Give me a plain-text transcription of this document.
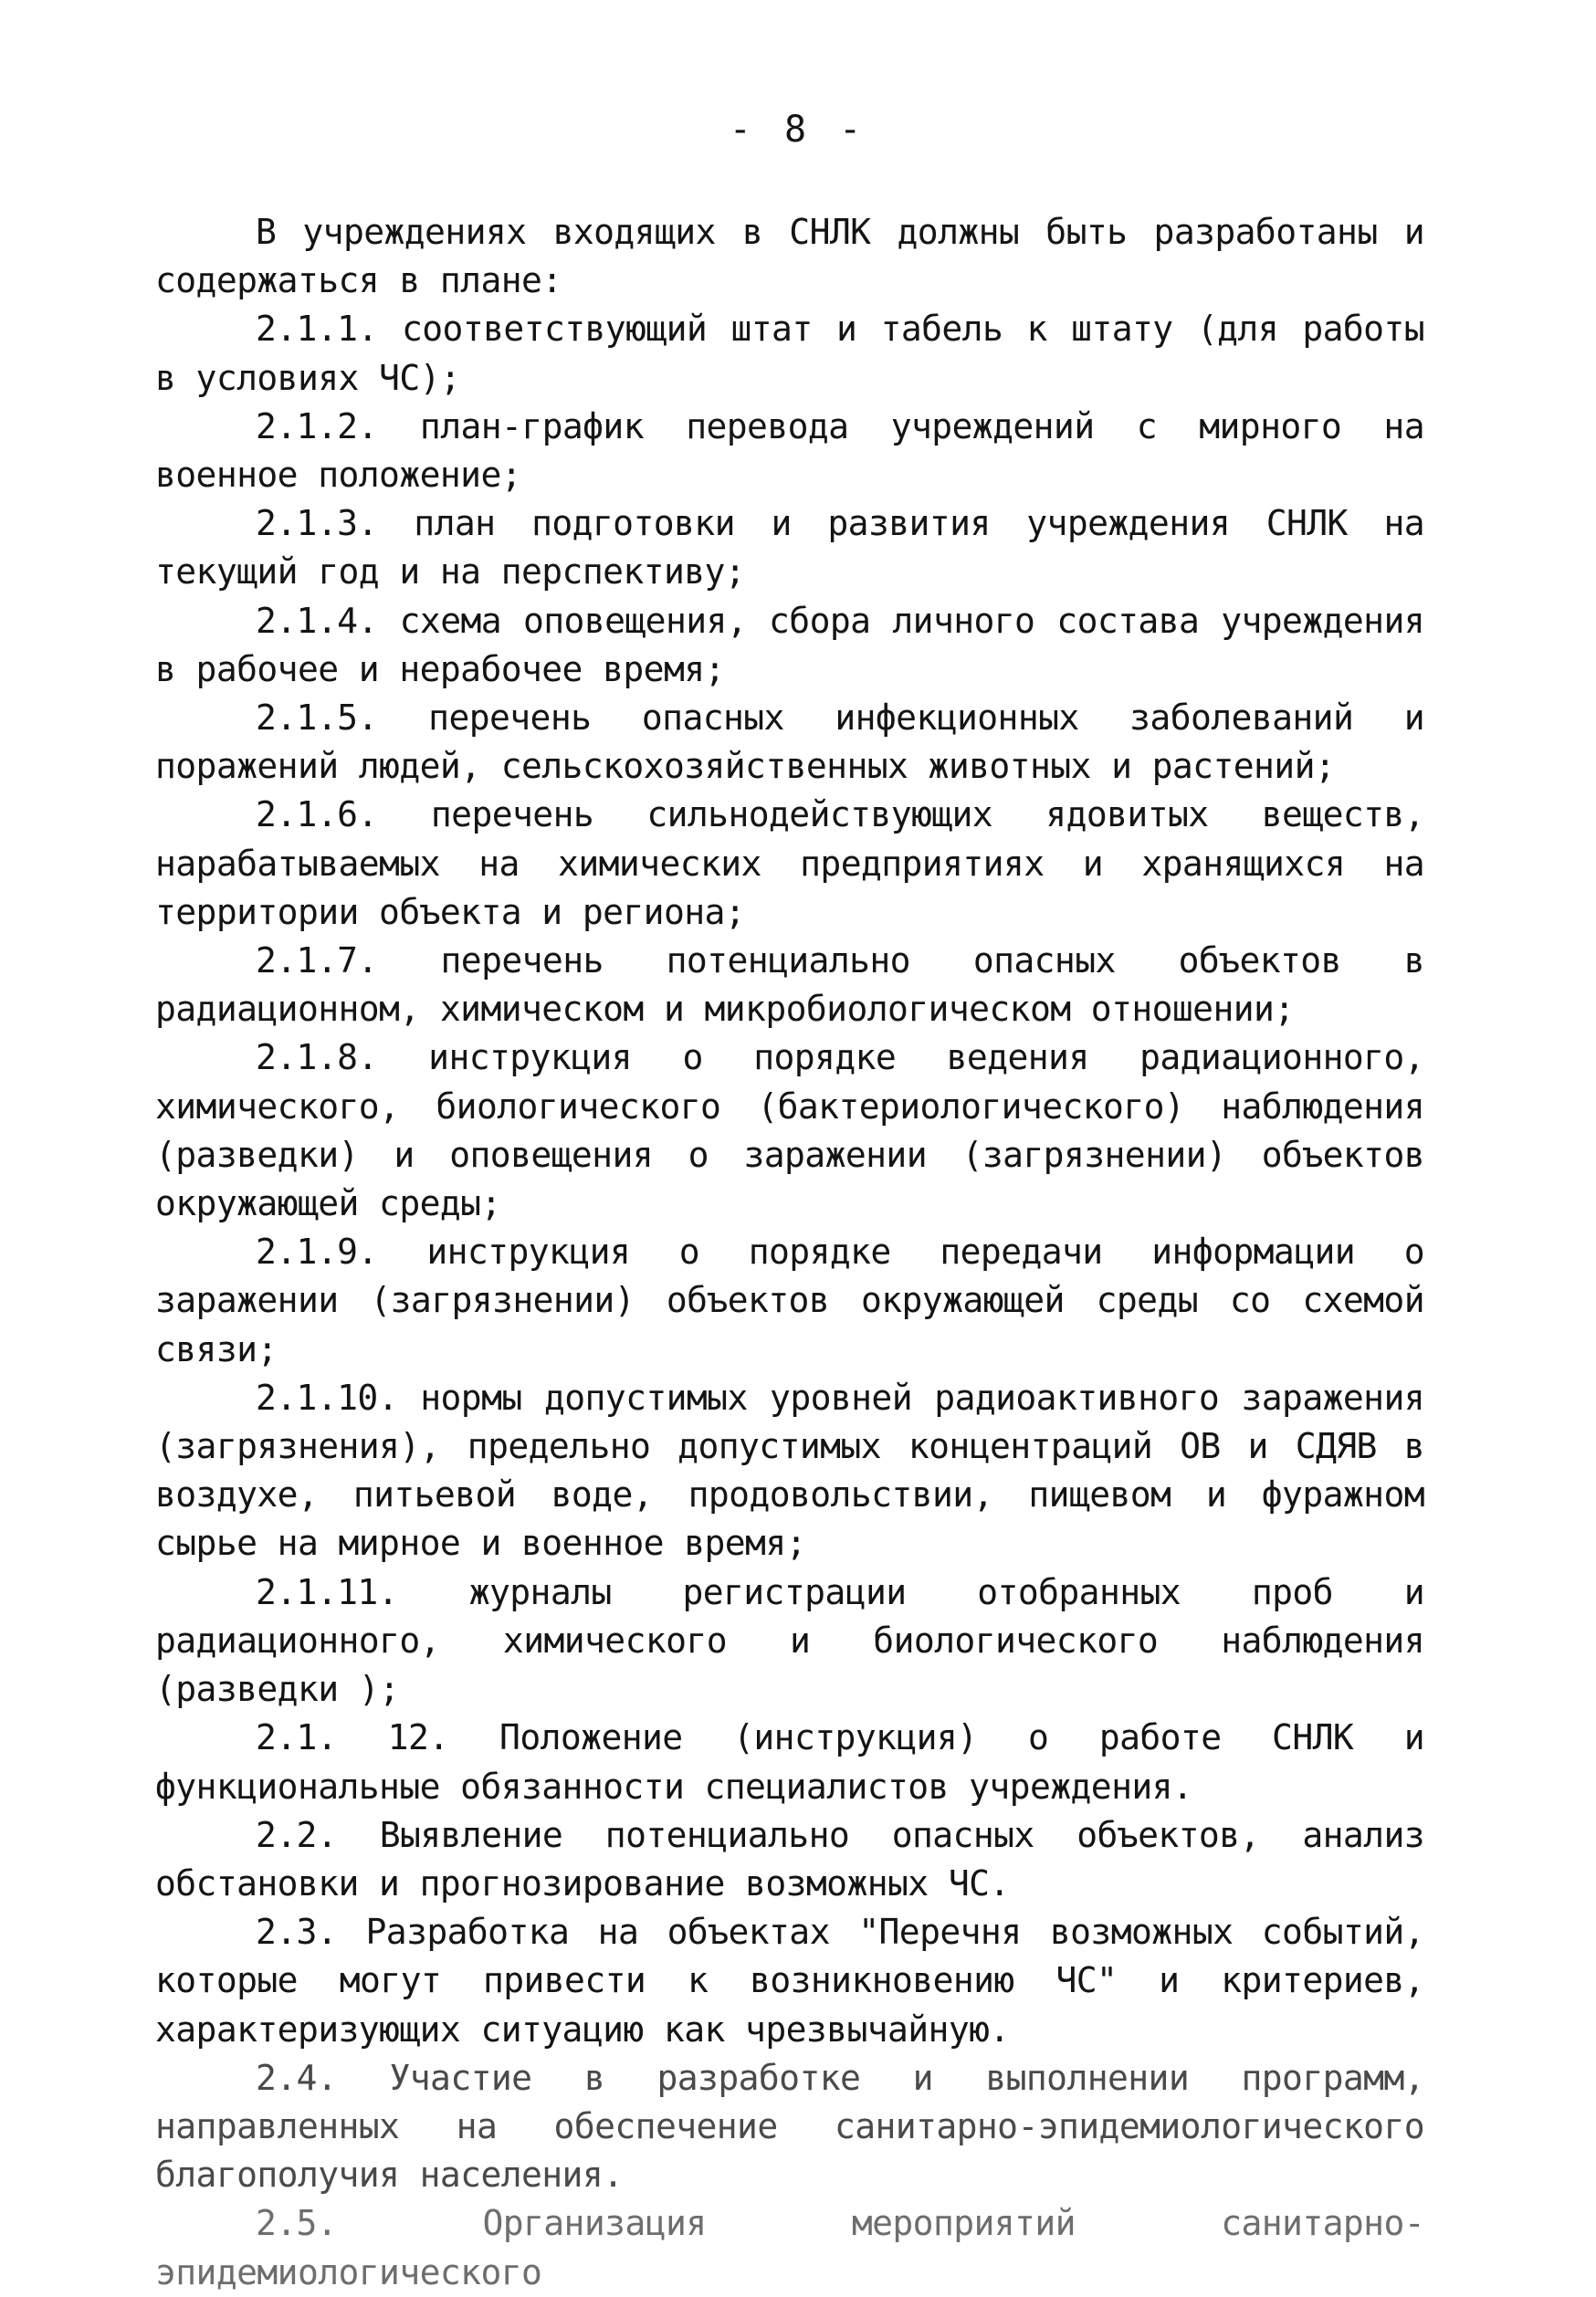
- 8 -

В учреждениях входящих в СНЛК должны быть разработаны и содержаться в плане:

2.1.1. соответствующий штат и табель к штату (для работы в условиях ЧС);

2.1.2. план-график перевода учреждений с мирного на военное положение;

2.1.3. план подготовки и развития учреждения СНЛК на текущий год и на перспективу;

2.1.4. схема оповещения, сбора личного состава учреждения в рабочее и нерабочее время;

2.1.5. перечень опасных инфекционных заболеваний и поражений людей, сельскохозяйственных животных и растений;

2.1.6. перечень сильнодействующих ядовитых веществ, нарабатываемых на химических предприятиях и хранящихся на территории объекта и региона;

2.1.7. перечень потенциально опасных объектов в радиационном, химическом и микробиологическом отношении;

2.1.8. инструкция о порядке ведения радиационного, химического, биологического (бактериологического) наблюдения (разведки) и оповещения о заражении (загрязнении) объектов окружающей среды;

2.1.9. инструкция о порядке передачи информации о заражении (загрязнении) объектов окружающей среды со схемой связи;

2.1.10. нормы допустимых уровней радиоактивного заражения (загрязнения), предельно допустимых концентраций ОВ и СДЯВ в воздухе, питьевой воде, продовольствии, пищевом и фуражном сырье на мирное и военное время;

2.1.11. журналы регистрации отобранных проб и радиационного, химического и биологического наблюдения (разведки );

2.1. 12. Положение (инструкция) о работе СНЛК и функциональные обязанности специалистов учреждения.

2.2. Выявление потенциально опасных объектов, анализ обстановки и прогнозирование возможных ЧС.

2.3. Разработка на объектах "Перечня возможных событий, которые могут привести к возникновению ЧС" и критериев, характеризующих ситуацию как чрезвычайную.

2.4. Участие в разработке и выполнении программ, направленных на обеспечение санитарно-эпидемиологического благополучия населения.

2.5. Организация мероприятий санитарно-эпидемиологического
